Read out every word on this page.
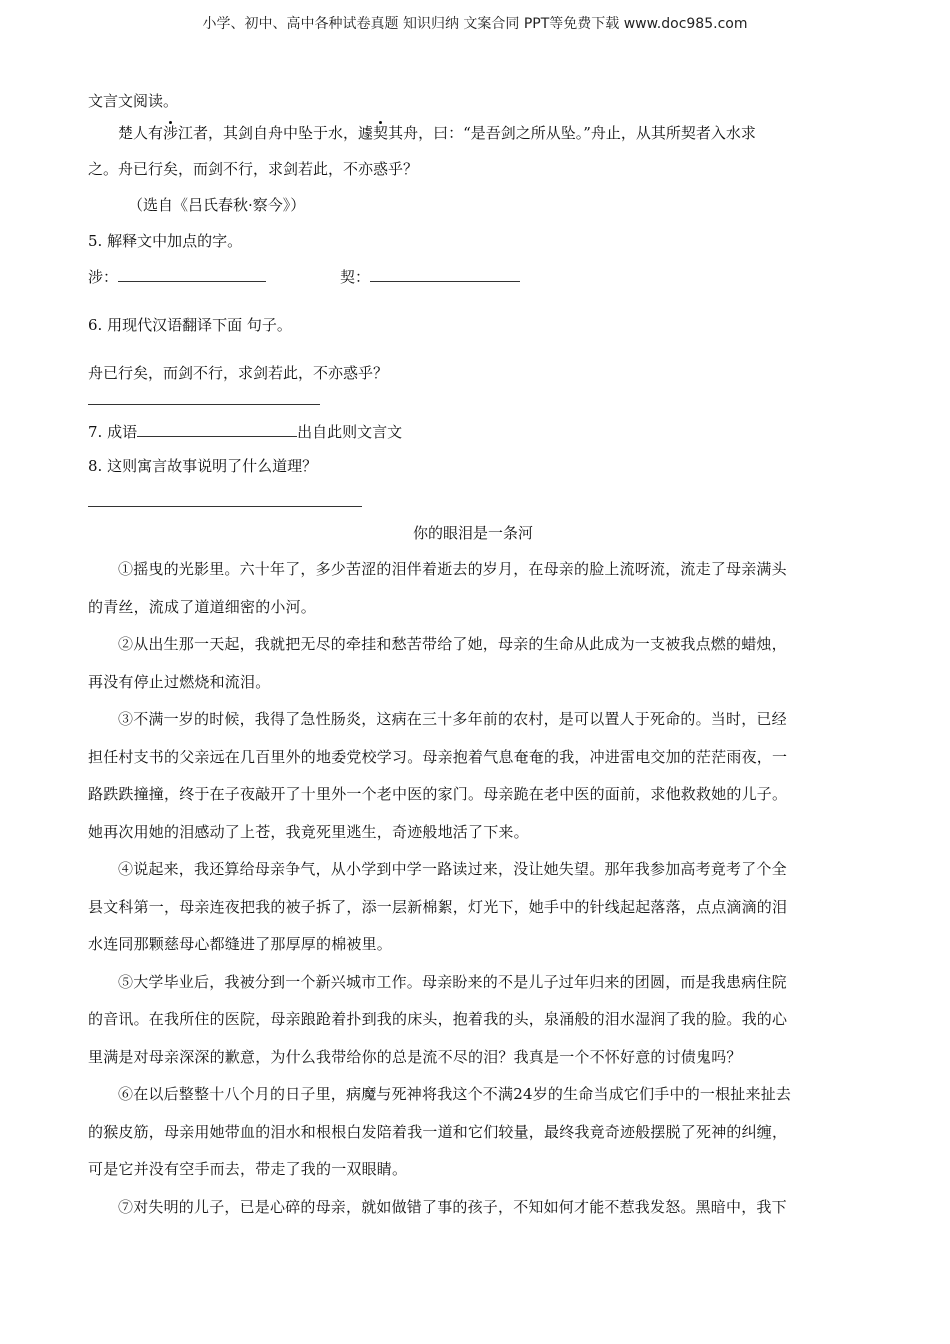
小学、初中、高中各种试卷真题 知识归纳 文案合同 PPT等免费下载 www.doc985.com

文言文阅读。

楚人有涉江者，其剑自舟中坠于水，遽契其舟，曰：“是吾剑之所从坠。”舟止，从其所契者入水求

之。舟已行矣，而剑不行，求剑若此，不亦惑乎？

（选自《吕氏春秋·察今》）

5. 解释文中加点的字。

涉：	契：

6. 用现代汉语翻译下面 句子。

舟已行矣，而剑不行，求剑若此，不亦惑乎？

7. 成语	出自此则文言文

8. 这则寓言故事说明了什么道理？

你的眼泪是一条河

①摇曳的光影里。六十年了，多少苦涩的泪伴着逝去的岁月，在母亲的脸上流呀流，流走了母亲满头
的青丝，流成了道道细密的小河。

②从出生那一天起，我就把无尽的牵挂和愁苦带给了她，母亲的生命从此成为一支被我点燃的蜡烛，
再没有停止过燃烧和流泪。

③不满一岁的时候，我得了急性肠炎，这病在三十多年前的农村，是可以置人于死命的。当时，已经
担任村支书的父亲远在几百里外的地委党校学习。母亲抱着气息奄奄的我，冲进雷电交加的茫茫雨夜，一
路跌跌撞撞，终于在子夜敲开了十里外一个老中医的家门。母亲跪在老中医的面前，求他救救她的儿子。
她再次用她的泪感动了上苍，我竟死里逃生，奇迹般地活了下来。

④说起来，我还算给母亲争气，从小学到中学一路读过来，没让她失望。那年我参加高考竟考了个全
县文科第一，母亲连夜把我的被子拆了，添一层新棉絮，灯光下，她手中的针线起起落落，点点滴滴的泪
水连同那颗慈母心都缝进了那厚厚的棉被里。

⑤大学毕业后，我被分到一个新兴城市工作。母亲盼来的不是儿子过年归来的团圆，而是我患病住院
的音讯。在我所住的医院，母亲踉跄着扑到我的床头，抱着我的头，泉涌般的泪水湿润了我的脸。我的心
里满是对母亲深深的歉意，为什么我带给你的总是流不尽的泪？我真是一个不怀好意的讨债鬼吗？

⑥在以后整整十八个月的日子里，病魔与死神将我这个不满24岁的生命当成它们手中的一根扯来扯去
的猴皮筋，母亲用她带血的泪水和根根白发陪着我一道和它们较量，最终我竟奇迹般摆脱了死神的纠缠，
可是它并没有空手而去，带走了我的一双眼睛。

⑦对失明的儿子，已是心碎的母亲，就如做错了事的孩子，不知如何才能不惹我发怒。黑暗中，我下
